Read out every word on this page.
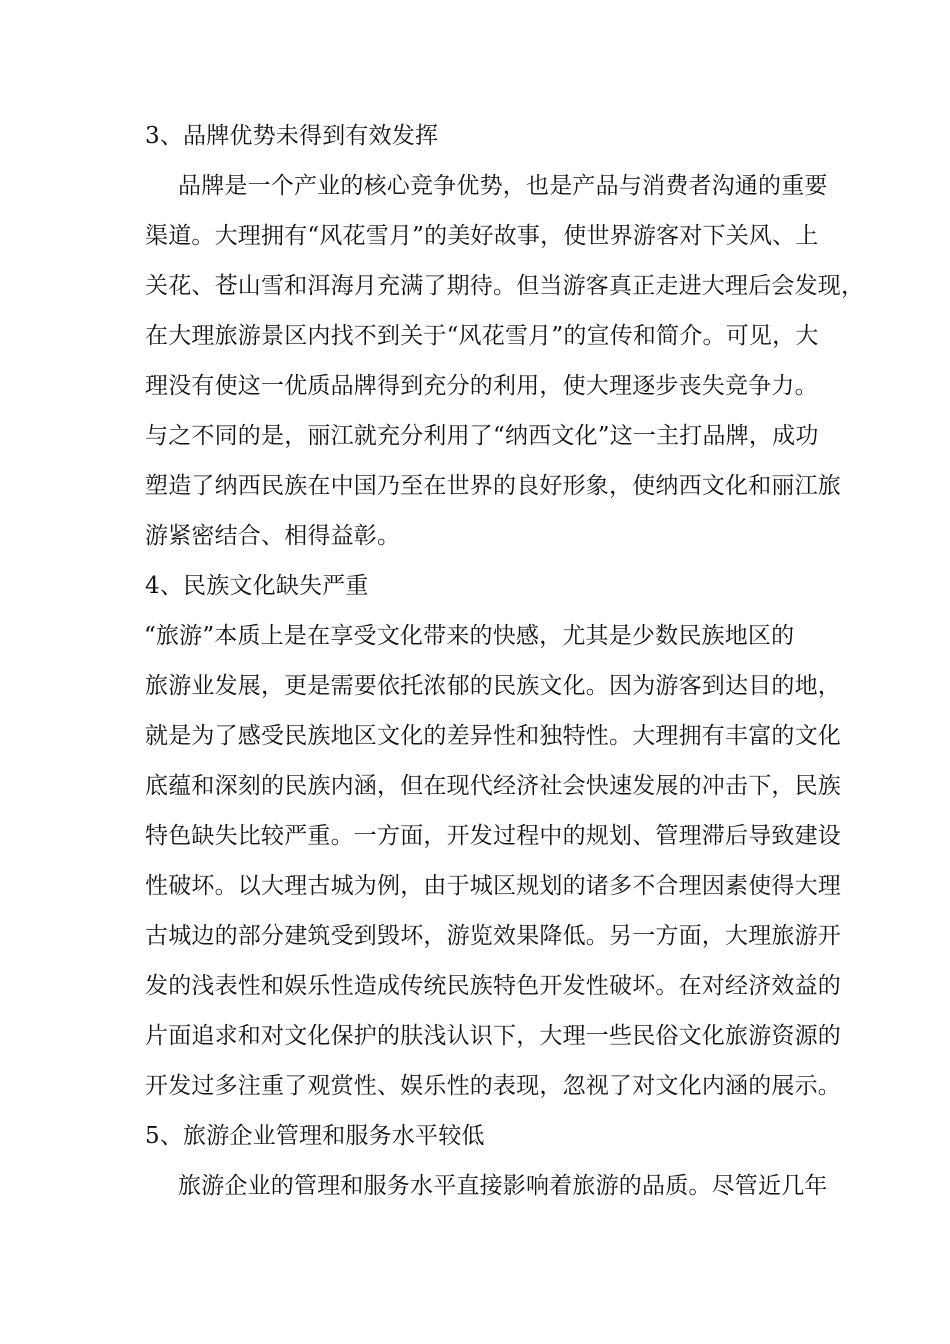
3、品牌优势未得到有效发挥
品牌是一个产业的核心竞争优势，也是产品与消费者沟通的重要
渠道。大理拥有“风花雪月”的美好故事，使世界游客对下关风、上
关花、苍山雪和洱海月充满了期待。但当游客真正走进大理后会发现，
在大理旅游景区内找不到关于“风花雪月”的宣传和简介。可见，大
理没有使这一优质品牌得到充分的利用，使大理逐步丧失竞争力。
与之不同的是，丽江就充分利用了“纳西文化”这一主打品牌，成功
塑造了纳西民族在中国乃至在世界的良好形象，使纳西文化和丽江旅
游紧密结合、相得益彰。
4、民族文化缺失严重
“旅游”本质上是在享受文化带来的快感，尤其是少数民族地区的
旅游业发展，更是需要依托浓郁的民族文化。因为游客到达目的地，
就是为了感受民族地区文化的差异性和独特性。大理拥有丰富的文化
底蕴和深刻的民族内涵，但在现代经济社会快速发展的冲击下，民族
特色缺失比较严重。一方面，开发过程中的规划、管理滞后导致建设
性破坏。以大理古城为例，由于城区规划的诸多不合理因素使得大理
古城边的部分建筑受到毁坏，游览效果降低。另一方面，大理旅游开
发的浅表性和娱乐性造成传统民族特色开发性破坏。在对经济效益的
片面追求和对文化保护的肤浅认识下，大理一些民俗文化旅游资源的
开发过多注重了观赏性、娱乐性的表现，忽视了对文化内涵的展示。
5、旅游企业管理和服务水平较低
旅游企业的管理和服务水平直接影响着旅游的品质。尽管近几年
